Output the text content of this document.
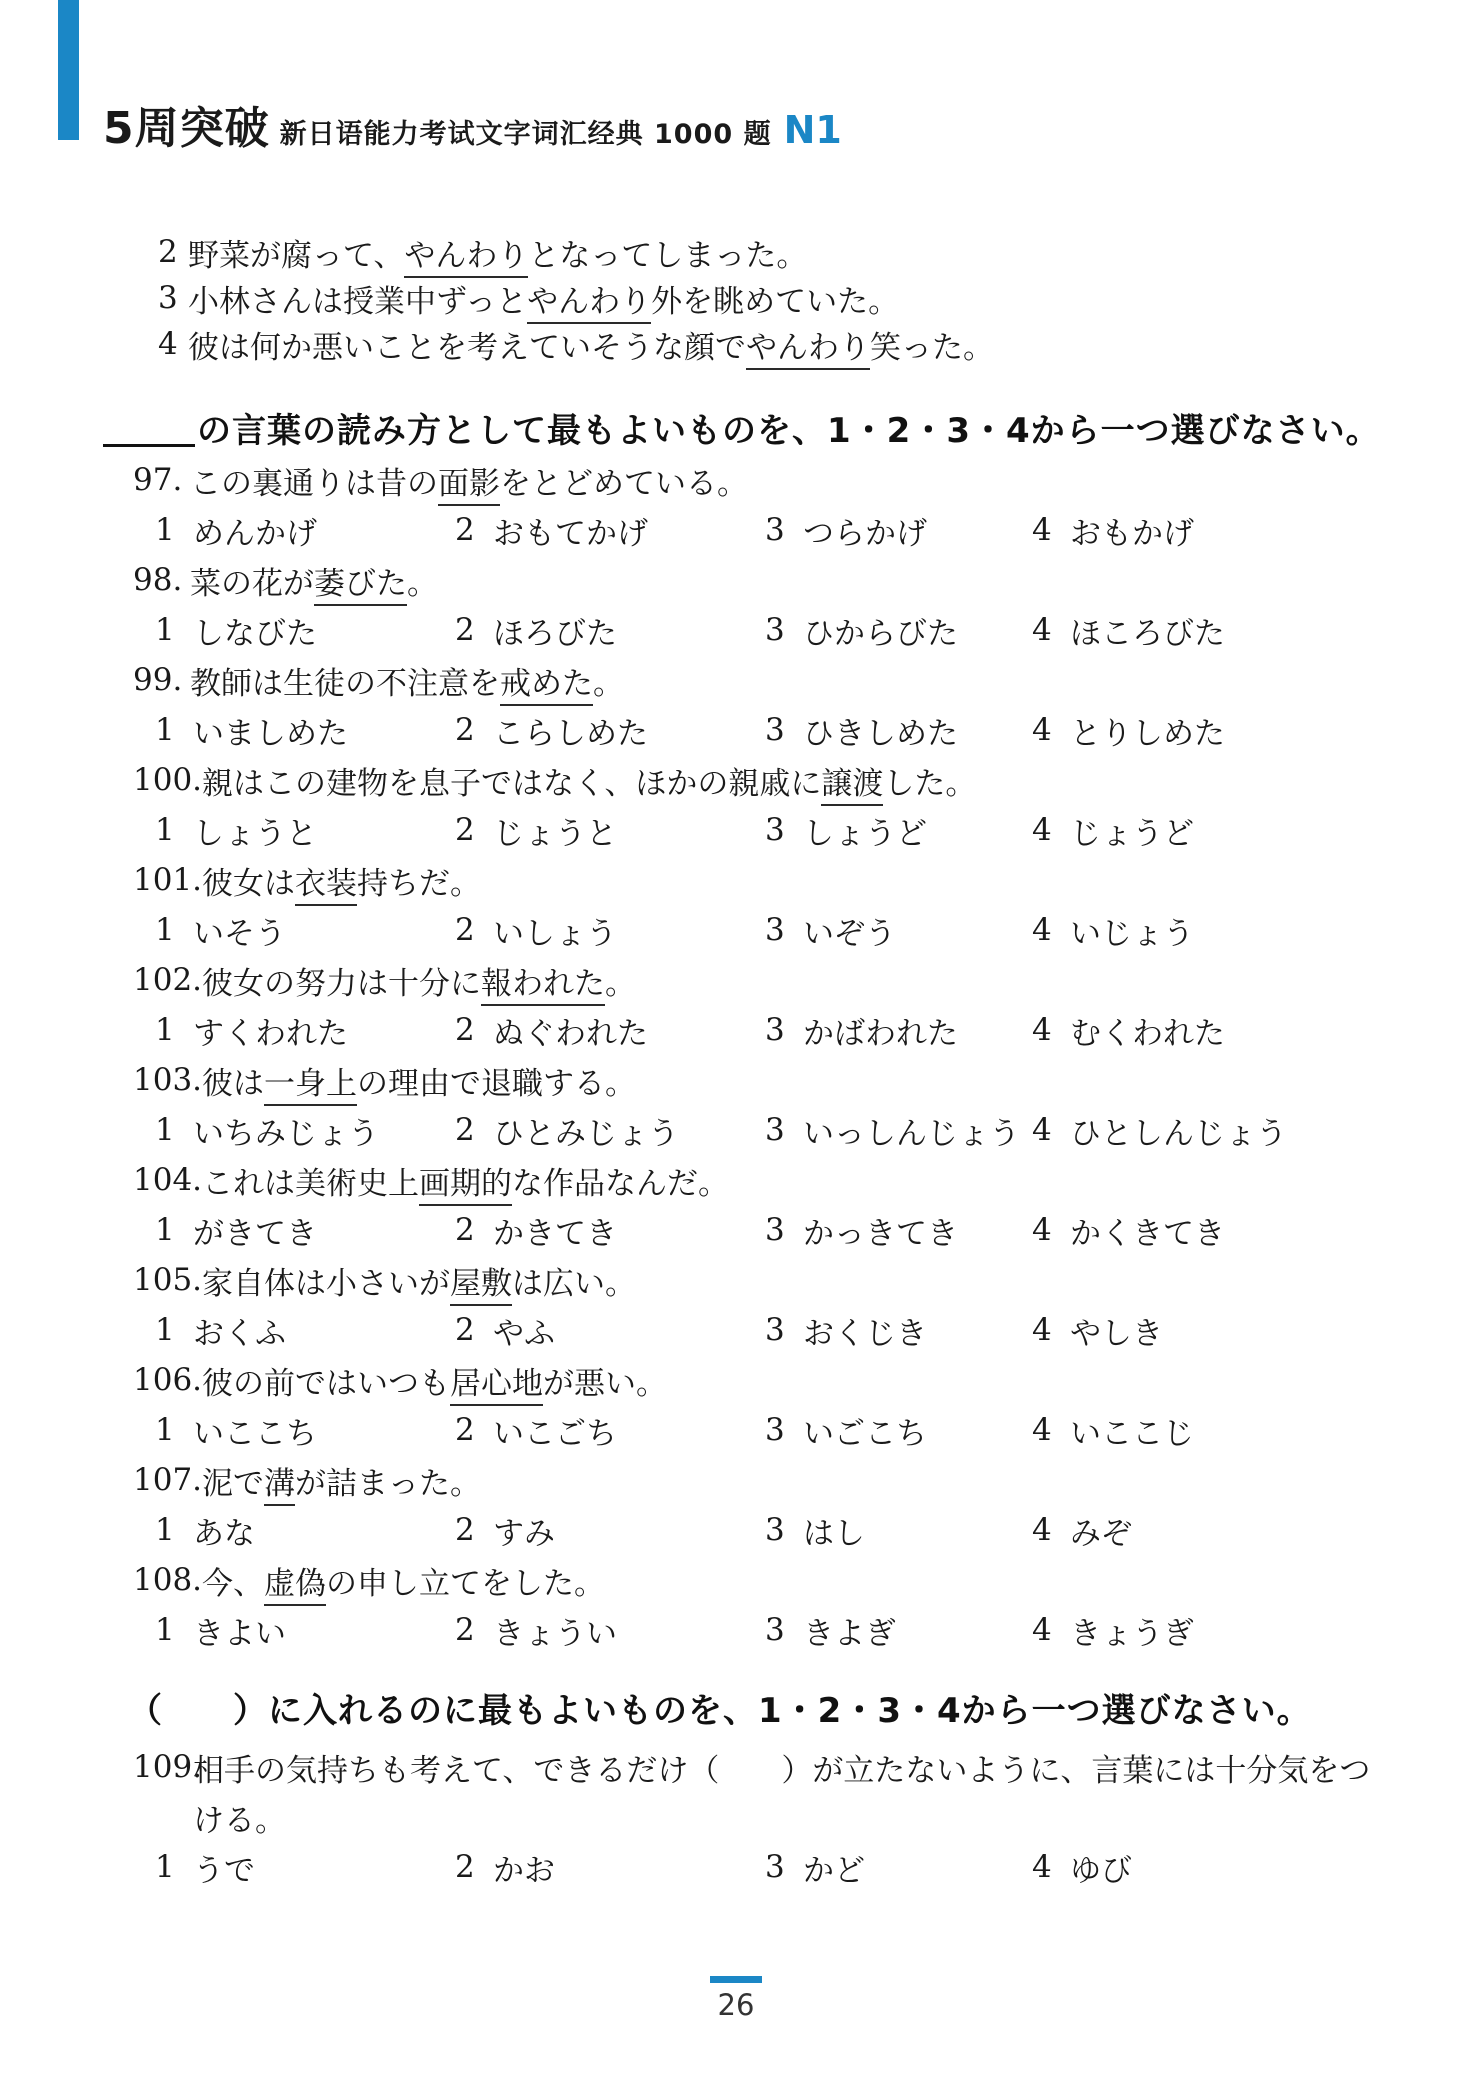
5周突破 新日语能力考试文字词汇经典 1000 题 N1
2 野菜が腐って、やんわりとなってしまった。
3 小林さんは授業中ずっとやんわり外を眺めていた。
4 彼は何か悪いことを考えていそうな顔でやんわり笑った。
の言葉の読み方として最もよいものを、1・2・3・4から一つ選びなさい。
97. この裏通りは昔の面影をとどめている。
1 めんかげ	2 おもてかげ	3 つらかげ	4 おもかげ
98. 菜の花が萎びた。
1 しなびた	2 ほろびた	3 ひからびた 4 ほころびた
99. 教師は生徒の不注意を戒めた。
1 いましめた	2 こらしめた	3 ひきしめた 4 とりしめた
100. 親はこの建物を息子ではなく、ほかの親戚に譲渡した。
1 しょうと	2 じょうと	3 しょうど	4 じょうど
101. 彼女は衣装持ちだ。
1 いそう	2 いしょう	3 いぞう	4 いじょう
102. 彼女の努力は十分に報われた。
1 すくわれた	2 ぬぐわれた	3 かばわれた 4 むくわれた
103. 彼は一身上の理由で退職する。
1 いちみじょう 2 ひとみじょう	3 いっしんじょう 4 ひとしんじょう
104. これは美術史上画期的な作品なんだ。
1 がきてき	2 かきてき	3 かっきてき 4 かくきてき
105. 家自体は小さいが屋敷は広い。
1 おくふ	2 やふ	3 おくじき	4 やしき
106. 彼の前ではいつも居心地が悪い。
1 いここち	2 いこごち	3 いごこち	4 いここじ
107. 泥で溝が詰まった。
1 あな	2 すみ	3 はし	4 みぞ
108. 今、虚偽の申し立てをした。
1 きよい	2 きょうい	3 きよぎ	4 きょうぎ
（　　）に入れるのに最もよいものを、1・2・3・4から一つ選びなさい。
109.
相手の気持ちも考えて、できるだけ（　　）が立たないように、言葉には十分気をつ
ける。
1 うで	2 かお	3 かど	4 ゆび
26
